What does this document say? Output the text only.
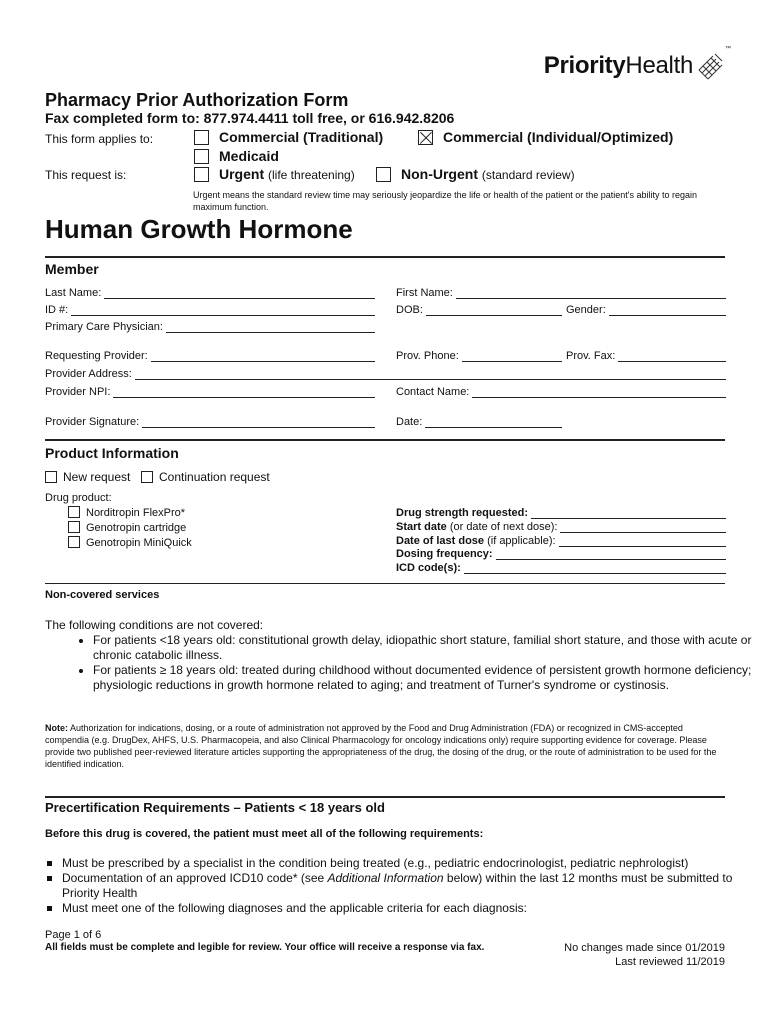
PriorityHealth
™
Pharmacy Prior Authorization Form
Fax completed form to: 877.974.4411 toll free, or 616.942.8206
This form applies to:	Commercial (Traditional)	Commercial (Individual/Optimized)
Medicaid
This request is:	Urgent (life threatening)	Non-Urgent (standard review)
Urgent means the standard review time may seriously jeopardize the life or health of the patient or the patient's ability to regain maximum function.
Human Growth Hormone
Member
Last Name:	First Name:
ID #:	DOB:	Gender:
Primary Care Physician:
Requesting Provider:	Prov. Phone:	Prov. Fax:
Provider Address:
Provider NPI:	Contact Name:
Provider Signature:	Date:
Product Information
New request	Continuation request
Drug product:
Norditropin FlexPro*
Genotropin cartridge
Genotropin MiniQuick
Drug strength requested:
Start date
(or date of next dose):
Date of last dose
(if applicable):
Dosing frequency:
ICD code(s):
Non-covered services
The following conditions are not covered:
• For patients <18 years old: constitutional growth delay, idiopathic short stature, familial short stature, and those with acute or chronic catabolic illness.
• For patients ≥ 18 years old: treated during childhood without documented evidence of persistent growth hormone deficiency; physiologic reductions in growth hormone related to aging; and treatment of Turner's syndrome or cystinosis.
Note: Authorization for indications, dosing, or a route of administration not approved by the Food and Drug Administration (FDA) or recognized in CMS-accepted compendia (e.g. DrugDex, AHFS, U.S. Pharmacopeia, and also Clinical Pharmacology for oncology indications only) require supporting evidence for coverage. Please provide two published peer-reviewed literature articles supporting the appropriateness of the drug, the dosing of the drug, or the route of administration to be used for the identified indication.
Precertification Requirements – Patients < 18 years old
Before this drug is covered, the patient must meet all of the following requirements:
Must be prescribed by a specialist in the condition being treated (e.g., pediatric endocrinologist, pediatric nephrologist)
Documentation of an approved ICD10 code* (see Additional Information below) within the last 12 months must be submitted to Priority Health
Must meet one of the following diagnoses and the applicable criteria for each diagnosis:
Page 1 of 6
All fields must be complete and legible for review. Your office will receive a response via fax.	No changes made since 01/2019
Last reviewed 11/2019
